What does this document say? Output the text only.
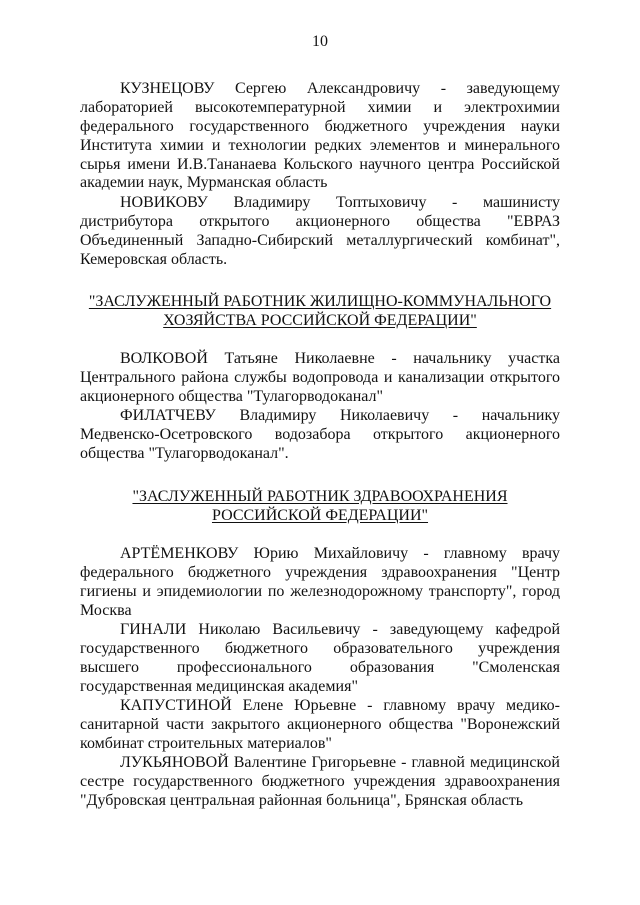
10
КУЗНЕЦОВУ Сергею Александровичу - заведующему
лабораторией высокотемпературной химии и электрохимии
федерального государственного бюджетного учреждения науки
Института химии и технологии редких элементов и минерального
сырья имени И.В.Тананаева Кольского научного центра Российской
академии наук, Мурманская область
НОВИКОВУ Владимиру Топтыховичу - машинисту
дистрибутора открытого акционерного общества "ЕВРАЗ
Объединенный Западно-Сибирский металлургический комбинат",
Кемеровская область.
"ЗАСЛУЖЕННЫЙ РАБОТНИК ЖИЛИЩНО-КОММУНАЛЬНОГО
ХОЗЯЙСТВА РОССИЙСКОЙ ФЕДЕРАЦИИ"
ВОЛКОВОЙ Татьяне Николаевне - начальнику участка
Центрального района службы водопровода и канализации открытого
акционерного общества "Тулагорводоканал"
ФИЛАТЧЕВУ Владимиру Николаевичу - начальнику
Медвенско-Осетровского водозабора открытого акционерного
общества "Тулагорводоканал".
"ЗАСЛУЖЕННЫЙ РАБОТНИК ЗДРАВООХРАНЕНИЯ
РОССИЙСКОЙ ФЕДЕРАЦИИ"
АРТЁМЕНКОВУ Юрию Михайловичу - главному врачу
федерального бюджетного учреждения здравоохранения "Центр
гигиены и эпидемиологии по железнодорожному транспорту", город
Москва
ГИНАЛИ Николаю Васильевичу - заведующему кафедрой
государственного бюджетного образовательного учреждения
высшего профессионального образования "Смоленская
государственная медицинская академия"
КАПУСТИНОЙ Елене Юрьевне - главному врачу медико-
санитарной части закрытого акционерного общества "Воронежский
комбинат строительных материалов"
ЛУКЬЯНОВОЙ Валентине Григорьевне - главной медицинской
сестре государственного бюджетного учреждения здравоохранения
"Дубровская центральная районная больница", Брянская область
